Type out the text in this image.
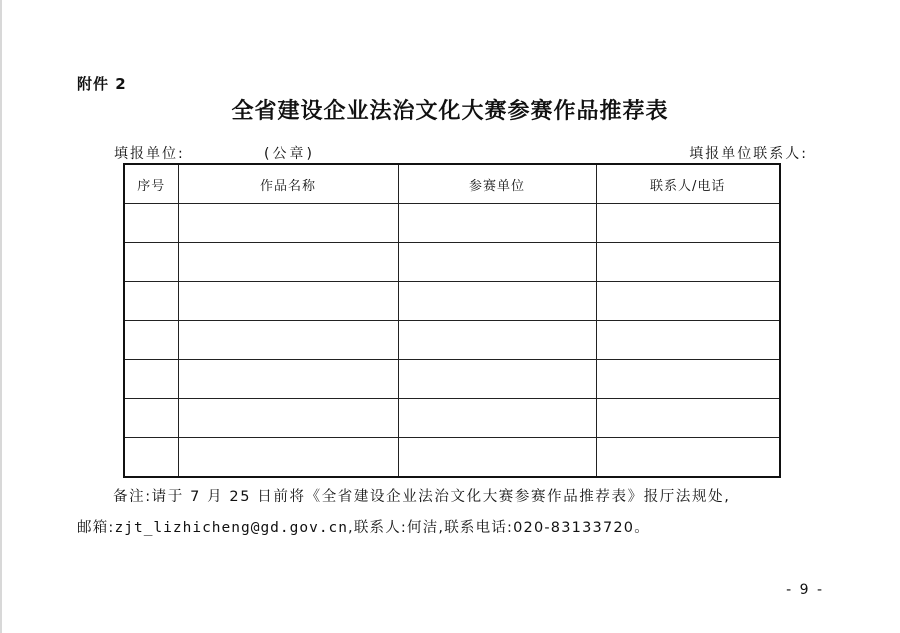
附件 2
全省建设企业法治文化大赛参赛作品推荐表
填报单位:	(公章)	填报单位联系人:
序号	作品名称	参赛单位	联系人/电话

备注:请于 7 月 25 日前将《全省建设企业法治文化大赛参赛作品推荐表》报厅法规处,
邮箱:zjt_lizhicheng@gd.gov.cn,联系人:何洁,联系电话:020-83133720。
- 9 -
